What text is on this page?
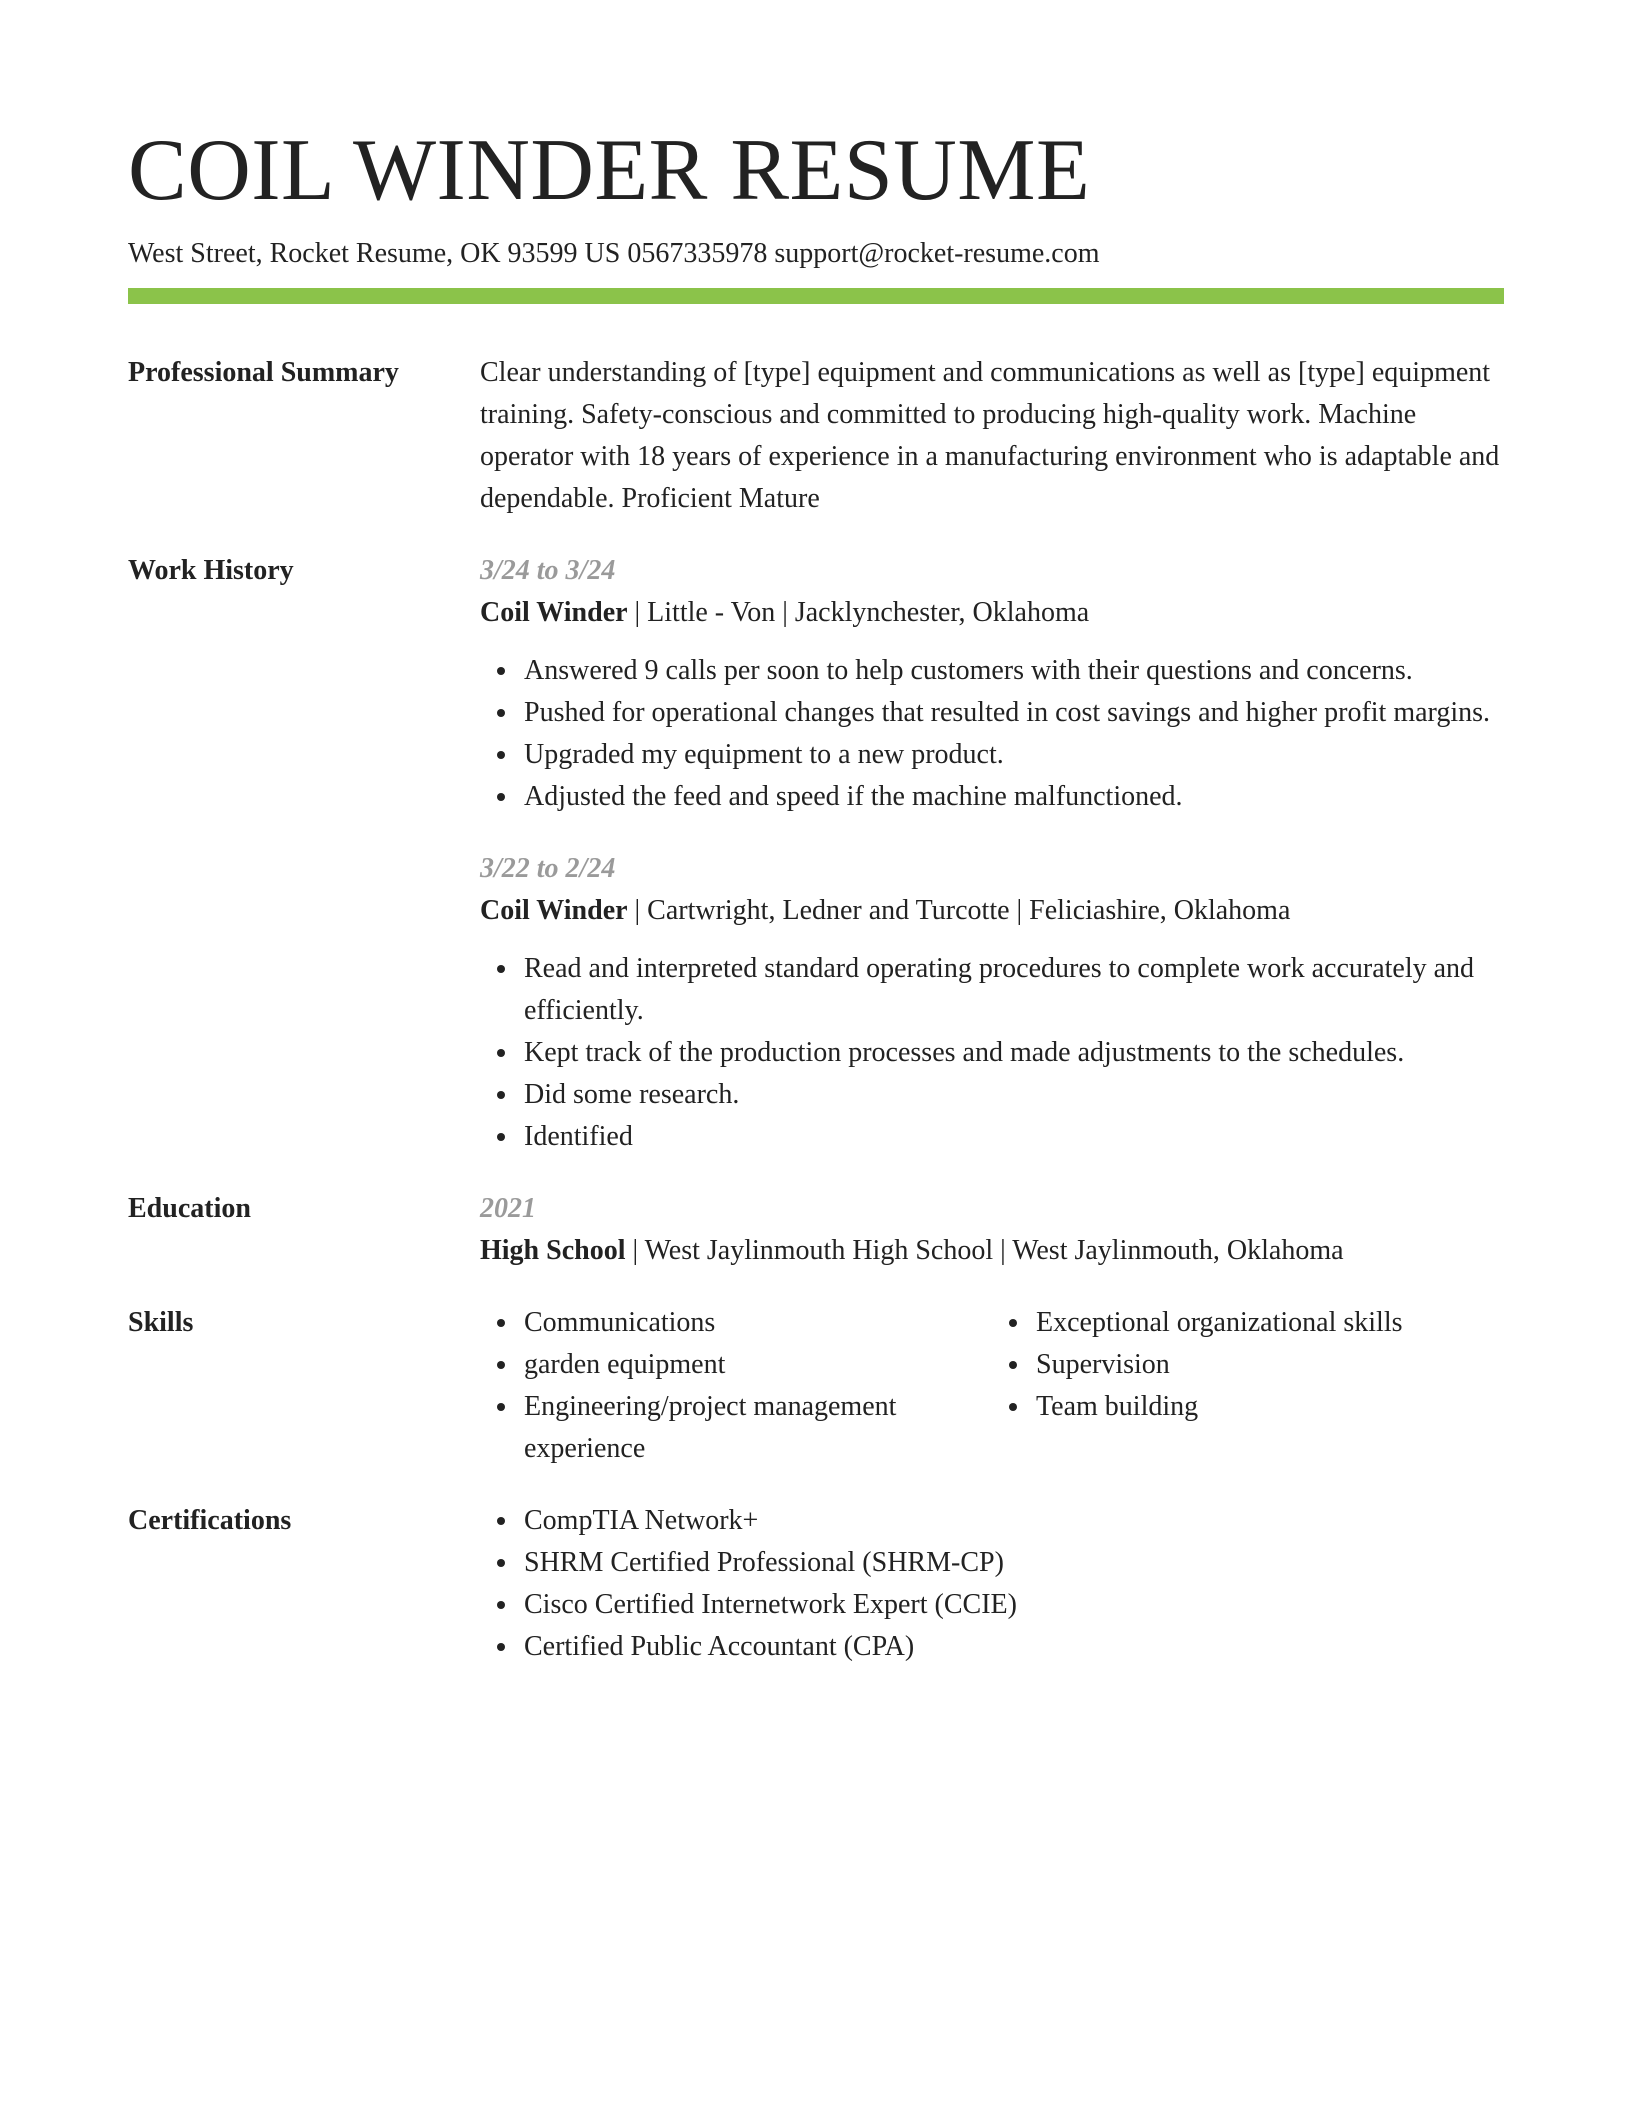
COIL WINDER RESUME
West Street, Rocket Resume, OK 93599 US 0567335978 support@rocket-resume.com
Professional Summary	Clear understanding of [type] equipment and communications as well as [type] equipment training. Safety-conscious and committed to producing high-quality work. Machine operator with 18 years of experience in a manufacturing environment who is adaptable and dependable. Proficient Mature
Work History	3/24 to 3/24
Coil Winder | Little - Von | Jacklynchester, Oklahoma
Answered 9 calls per soon to help customers with their questions and concerns.
Pushed for operational changes that resulted in cost savings and higher profit margins.
Upgraded my equipment to a new product.
Adjusted the feed and speed if the machine malfunctioned.
3/22 to 2/24
Coil Winder | Cartwright, Ledner and Turcotte | Feliciashire, Oklahoma
Read and interpreted standard operating procedures to complete work accurately and efficiently.
Kept track of the production processes and made adjustments to the schedules.
Did some research.
Identified
Education	2021
High School | West Jaylinmouth High School | West Jaylinmouth, Oklahoma
Skills	Communications
garden equipment
Engineering/project management experience
Exceptional organizational skills
Supervision
Team building
Certifications	CompTIA Network+
SHRM Certified Professional (SHRM-CP)
Cisco Certified Internetwork Expert (CCIE)
Certified Public Accountant (CPA)
